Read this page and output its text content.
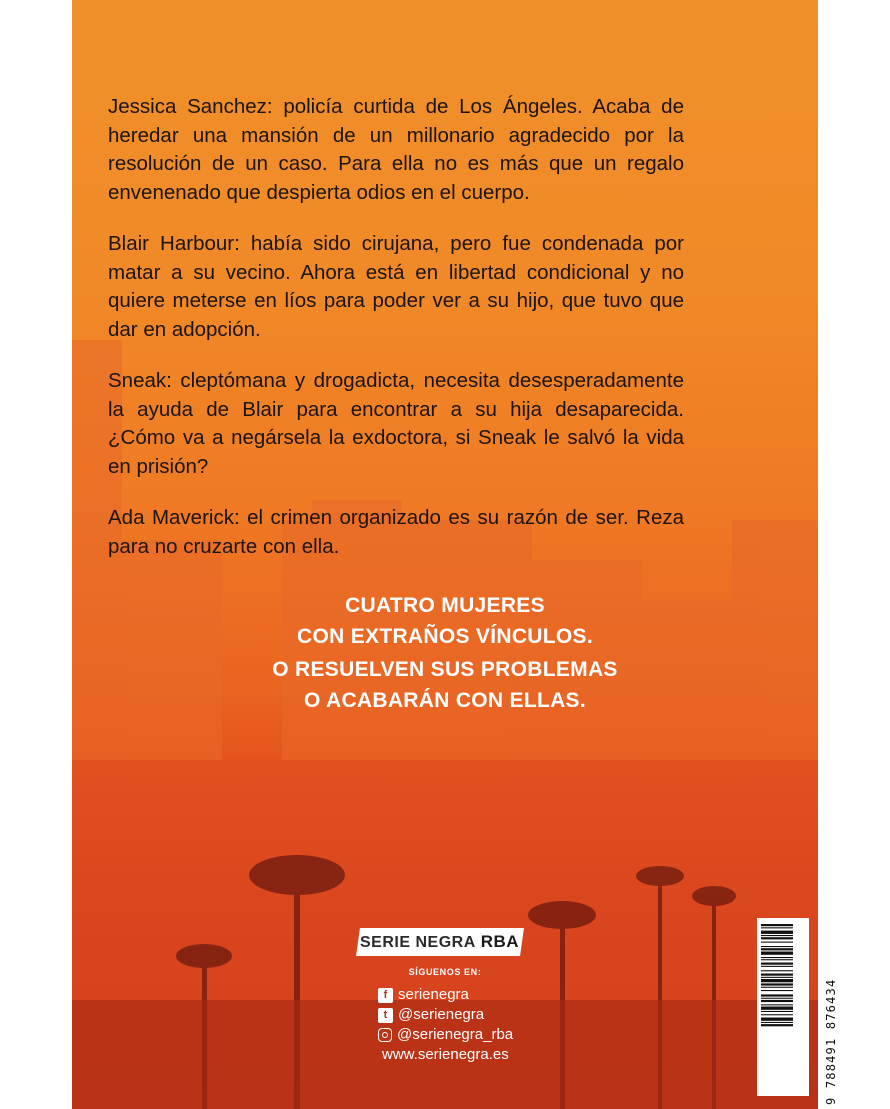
Jessica Sanchez: policía curtida de Los Ángeles. Acaba de heredar una mansión de un millonario agradecido por la resolución de un caso. Para ella no es más que un regalo envenenado que despierta odios en el cuerpo.

Blair Harbour: había sido cirujana, pero fue condenada por matar a su vecino. Ahora está en libertad condicional y no quiere meterse en líos para poder ver a su hijo, que tuvo que dar en adopción.

Sneak: cleptómana y drogadicta, necesita desesperadamente la ayuda de Blair para encontrar a su hija desaparecida. ¿Cómo va a negársela la exdoctora, si Sneak le salvó la vida en prisión?

Ada Maverick: el crimen organizado es su razón de ser. Reza para no cruzarte con ella.

CUATRO MUJERES
CON EXTRAÑOS VÍNCULOS.
O RESUELVEN SUS PROBLEMAS
O ACABARÁN CON ELLAS.
SERIE NEGRA RBA
SÍGUENOS EN:
f serienegra
t @serienegra
@serienegra_rba
www.serienegra.es	9 788491 876434
